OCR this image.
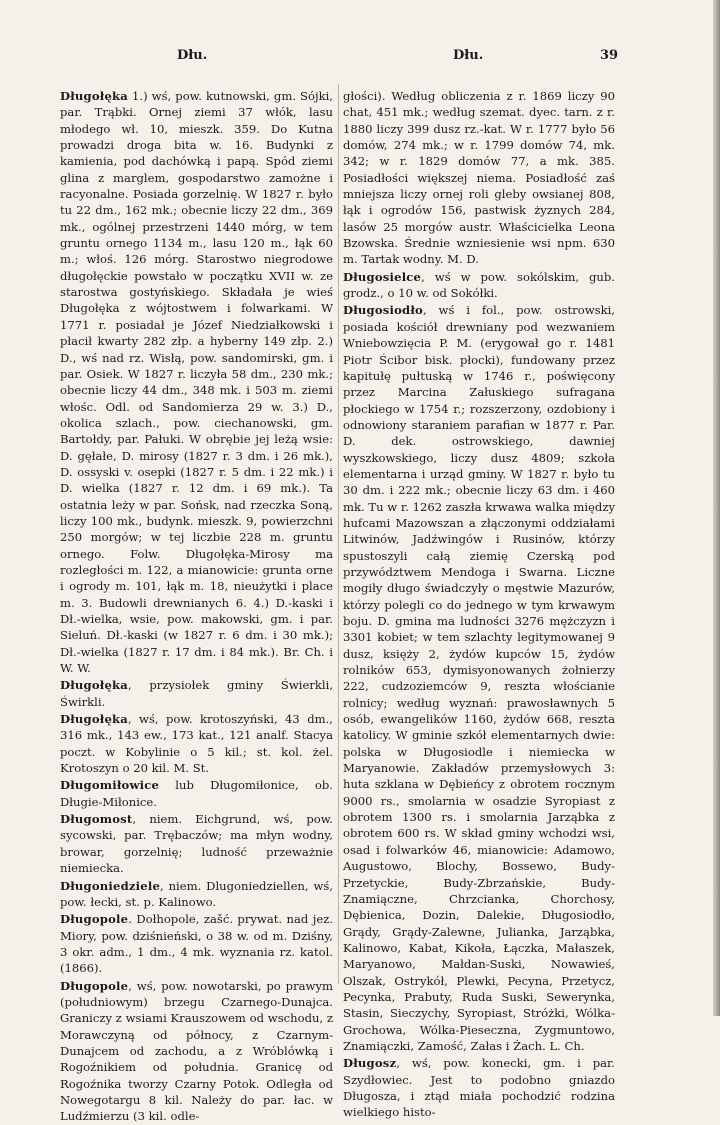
Dłu.	Dłu.	39

Długołęka 1.) wś, pow. kutnowski, gm. Sójki, par. Trąbki. Ornej ziemi 37 włók, lasu młodego wł. 10, mieszk. 359. Do Kutna prowadzi droga bita w. 16. Budynki z kamienia, pod dachówką i papą. Spód ziemi glina z marglem, gospodarstwo zamożne i racyonalne. Posiada gorzelnię. W 1827 r. było tu 22 dm., 162 mk.; obecnie liczy 22 dm., 369 mk., ogólnej przestrzeni 1440 mórg, w tem gruntu ornego 1134 m., lasu 120 m., łąk 60 m.; włoś. 126 mórg. Starostwo niegrodowe długołęckie powstało w początku XVII w. ze starostwa gostyńskiego. Składała je wieś Długołęka z wójtostwem i folwarkami. W 1771 r. posiadał je Józef Niedziałkowski i płacił kwarty 282 złp. a hyberny 149 złp. 2.) D., wś nad rz. Wisłą, pow. sandomirski, gm. i par. Osiek. W 1827 r. liczyła 58 dm., 230 mk.; obecnie liczy 44 dm., 348 mk. i 503 m. ziemi włośc. Odl. od Sandomierza 29 w. 3.) D., okolica szlach., pow. ciechanowski, gm. Bartołdy, par. Pałuki. W obrębie jej leżą wsie: D. gęłałe, D. mirosy (1827 r. 3 dm. i 26 mk.), D. ossyski v. osepki (1827 r. 5 dm. i 22 mk.) i D. wielka (1827 r. 12 dm. i 69 mk.). Ta ostatnia leży w par. Sońsk, nad rzeczka Soną, liczy 100 mk., budynk. mieszk. 9, powierzchni 250 morgów; w tej liczbie 228 m. gruntu ornego. Folw. Długołęka-Mirosy ma rozległości m. 122, a mianowicie: grunta orne i ogrody m. 101, łąk m. 18, nieużytki i place m. 3. Budowli drewnianych 6. 4.) D.-kaski i Dł.-wielka, wsie, pow. makowski, gm. i par. Sieluń. Dł.-kaski (w 1827 r. 6 dm. i 30 mk.); Dł.-wielka (1827 r. 17 dm. i 84 mk.). Br. Ch. i W. W.

Długołęka, przysiołek gminy Świerkli, Świrkli.

Długołęka, wś, pow. krotoszyński, 43 dm., 316 mk., 143 ew., 173 kat., 121 analf. Stacya poczt. w Kobylinie o 5 kil.; st. kol. żel. Krotoszyn o 20 kil. M. St.

Długomiłowice lub Długomiłonice, ob. Długie-Miłonice.

Długomost, niem. Eichgrund, wś, pow. sycowski, par. Trębaczów; ma młyn wodny, browar, gorzelnię; ludność przeważnie niemiecka.

Długoniedziele, niem. Dlugoniedziellen, wś, pow. łecki, st. p. Kalinowo.

Długopole. Dołhopole, zašć. prywat. nad jez. Miory, pow. dziśnieński, o 38 w. od m. Dziśny, 3 okr. adm., 1 dm., 4 mk. wyznania rz. katol. (1866).

Długopole, wś, pow. nowotarski, po prawym (południowym) brzegu Czarnego-Dunajca. Graniczy z wsiami Krauszowem od wschodu, z Morawczyną od północy, z Czarnym-Dunajcem od zachodu, a z Wróblówką i Rogoźnikiem od południa. Granicę od Rogoźnika tworzy Czarny Potok. Odległa od Nowegotargu 8 kil. Należy do par. łac. w Ludźmierzu (3 kil. odle-

głości). Według obliczenia z r. 1869 liczy 90 chat, 451 mk.; według szemat. dyec. tarn. z r. 1880 liczy 399 dusz rz.-kat. W r. 1777 było 56 domów, 274 mk.; w r. 1799 domów 74, mk. 342; w r. 1829 domów 77, a mk. 385. Posiadłości większej niema. Posiadłość zaś mniejsza liczy ornej roli gleby owsianej 808, łąk i ogrodów 156, pastwisk żyznych 284, lasów 25 morgów austr. Właścicielka Leona Bzowska. Średnie wzniesienie wsi npm. 630 m. Tartak wodny. M. D.

Długosielce, wś w pow. sokólskim, gub. grodz., o 10 w. od Sokółki.

Długosiodło, wś i fol., pow. ostrowski, posiada kościół drewniany pod wezwaniem Wniebowzięcia P. M. (erygował go r. 1481 Piotr Ścibor bisk. płocki), fundowany przez kapitułę pułtuską w 1746 r., poświęcony przez Marcina Załuskiego sufragana płockiego w 1754 r.; rozszerzony, ozdobiony i odnowiony staraniem parafian w 1877 r. Par. D. dek. ostrowskiego, dawniej wyszkowskiego, liczy dusz 4809; szkoła elementarna i urząd gminy. W 1827 r. było tu 30 dm. i 222 mk.; obecnie liczy 63 dm. i 460 mk. Tu w r. 1262 zaszła krwawa walka między hufcami Mazowszan a złączonymi oddziałami Litwinów, Jadźwingów i Rusinów, którzy spustoszyli całą ziemię Czerską pod przywództwem Mendoga i Swarna. Liczne mogiły długo świadczyły o męstwie Mazurów, którzy polegli co do jednego w tym krwawym boju. D. gmina ma ludności 3276 mężczyzn i 3301 kobiet; w tem szlachty legitymowanej 9 dusz, księży 2, żydów kupców 15, żydów rolników 653, dymisyonowanych żołnierzy 222, cudzoziemców 9, reszta włościanie rolnicy; według wyznań: prawosławnych 5 osób, ewangelików 1160, żydów 668, reszta katolicy. W gminie szkół elementarnych dwie: polska w Długosiodle i niemiecka w Maryanowie. Zakładów przemysłowych 3: huta szklana w Dębieńcy z obrotem rocznym 9000 rs., smolarnia w osadzie Syropiast z obrotem 1300 rs. i smolarnia Jarząbka z obrotem 600 rs. W skład gminy wchodzi wsi, osad i folwarków 46, mianowicie: Adamowo, Augustowo, Blochy, Bossewo, Budy-Przetyckie, Budy-Zbrzańskie, Budy-Znamiączne, Chrzcianka, Chorchosy, Dębienica, Dozin, Dalekie, Długosiodło, Grądy, Grądy-Zalewne, Julianka, Jarząbka, Kalinowo, Kabat, Kikoła, Łączka, Małaszek, Maryanowo, Małdan-Suski, Nowawieś, Olszak, Ostrykół, Plewki, Pecyna, Przetycz, Pecynka, Prabuty, Ruda Suski, Sewerynka, Stasin, Sieczychy, Syropiast, Stróżki, Wólka-Grochowa, Wólka-Pieseczna, Zygmuntowo, Znamiączki, Zamość, Załas i Żach. L. Ch.

Długosz, wś, pow. konecki, gm. i par. Szydłowiec. Jest to podobno gniazdo Długosza, i ztąd miała pochodzić rodzina wielkiego histo-
